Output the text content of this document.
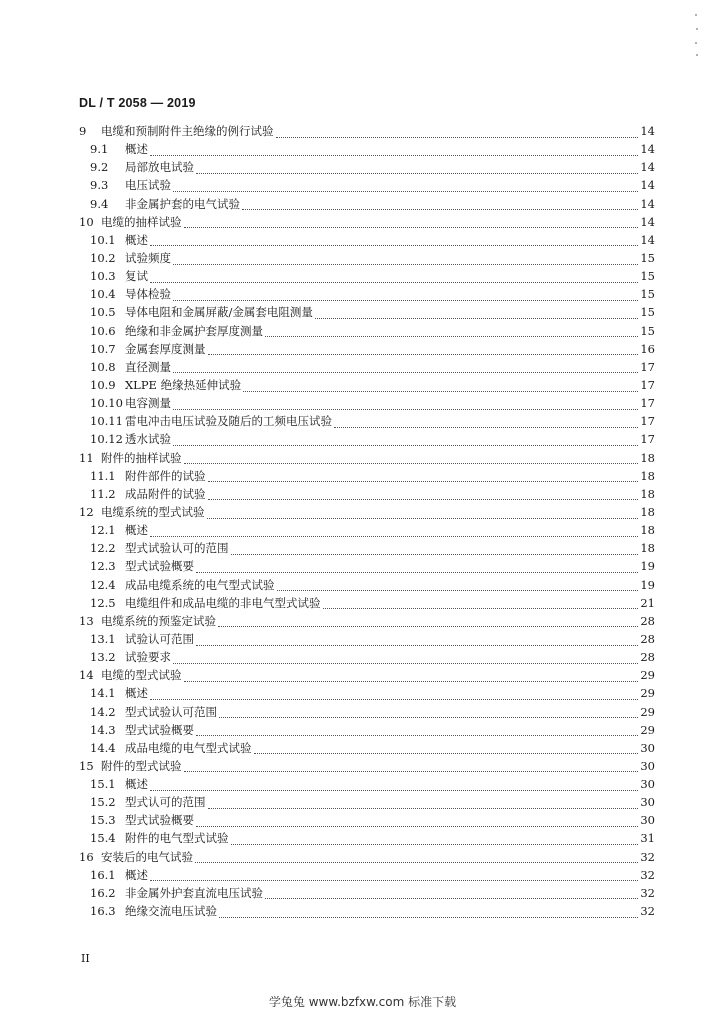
DL / T 2058 — 2019
9	电缆和预制附件主绝缘的例行试验	14
9.1	概述	14
9.2	局部放电试验	14
9.3	电压试验	14
9.4	非金属护套的电气试验	14
10 电缆的抽样试验	14
10.1 概述	14
10.2 试验频度	15
10.3 复试	15
10.4 导体检验	15
10.5 导体电阻和金属屏蔽/金属套电阻测量	15
10.6 绝缘和非金属护套厚度测量	15
10.7 金属套厚度测量	16
10.8 直径测量	17
10.9 XLPE 绝缘热延伸试验	17
10.10 电容测量	17
10.11 雷电冲击电压试验及随后的工频电压试验	17
10.12 透水试验	17
11 附件的抽样试验	18
11.1 附件部件的试验	18
11.2 成品附件的试验	18
12 电缆系统的型式试验	18
12.1 概述	18
12.2 型式试验认可的范围	18
12.3 型式试验概要	19
12.4 成品电缆系统的电气型式试验	19
12.5 电缆组件和成品电缆的非电气型式试验	21
13 电缆系统的预鉴定试验	28
13.1 试验认可范围	28
13.2 试验要求	28
14 电缆的型式试验	29
14.1 概述	29
14.2 型式试验认可范围	29
14.3 型式试验概要	29
14.4 成品电缆的电气型式试验	30
15 附件的型式试验	30
15.1 概述	30
15.2 型式认可的范围	30
15.3 型式试验概要	30
15.4 附件的电气型式试验	31
16 安装后的电气试验	32
16.1 概述	32
16.2 非金属外护套直流电压试验	32
16.3 绝缘交流电压试验	32
II
学兔兔 www.bzfxw.com 标准下载
